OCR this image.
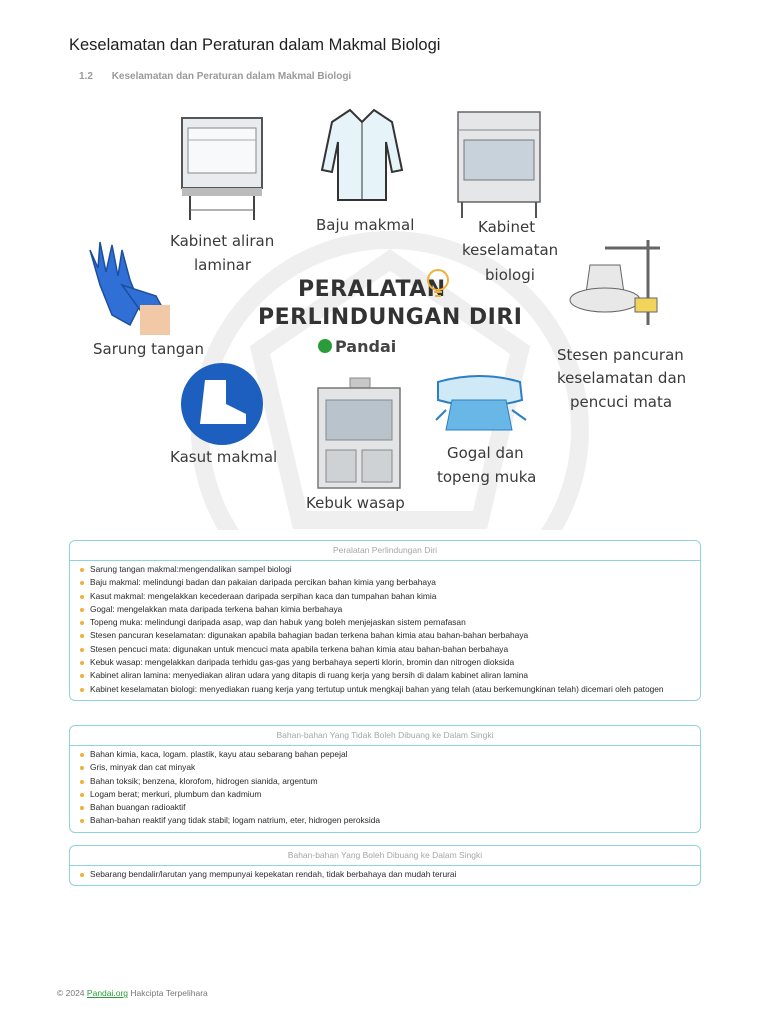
Keselamatan dan Peraturan dalam Makmal Biologi
1.2 Keselamatan dan Peraturan dalam Makmal Biologi
Kabinet aliran
laminar
Baju makmal	Kabinet
keselamatan
biologi
Sarung tangan
PERALATAN
PERLINDUNGAN DIRI
Pandai	Stesen pancuran
keselamatan dan
pencuci mata
Kasut makmal
Kebuk wasap
Gogal dan
topeng muka
Peralatan Perlindungan Diri
Sarung tangan makmal:mengendalikan sampel biologi
Baju makmal: melindungi badan dan pakaian daripada percikan bahan kimia yang berbahaya
Kasut makmal: mengelakkan kecederaan daripada serpihan kaca dan tumpahan bahan kimia
Gogal: mengelakkan mata daripada terkena bahan kimia berbahaya
Topeng muka: melindungi daripada asap, wap dan habuk yang boleh menjejaskan sistem pernafasan
Stesen pancuran keselamatan: digunakan apabila bahagian badan terkena bahan kimia atau bahan-bahan berbahaya
Stesen pencuci mata: digunakan untuk mencuci mata apabila terkena bahan kimia atau bahan-bahan berbahaya
Kebuk wasap: mengelakkan daripada terhidu gas-gas yang berbahaya seperti klorin, bromin dan nitrogen dioksida
Kabinet aliran lamina: menyediakan aliran udara yang ditapis di ruang kerja yang bersih di dalam kabinet aliran lamina
Kabinet keselamatan biologi: menyediakan ruang kerja yang tertutup untuk mengkaji bahan yang telah (atau berkemungkinan telah) dicemari oleh patogen
Bahan-bahan Yang Tidak Boleh Dibuang ke Dalam Singki
Bahan kimia, kaca, logam. plastik, kayu atau sebarang bahan pepejal
Gris, minyak dan cat minyak
Bahan toksik; benzena, klorofom, hidrogen sianida, argentum
Logam berat; merkuri, plumbum dan kadmium
Bahan buangan radioaktif
Bahan-bahan reaktif yang tidak stabil; logam natrium, eter, hidrogen peroksida
Bahan-bahan Yang Boleh Dibuang ke Dalam Singki
Sebarang bendalir/larutan yang mempunyai kepekatan rendah, tidak berbahaya dan mudah terurai
© 2024 Pandai.org Hakcipta Terpelihara
